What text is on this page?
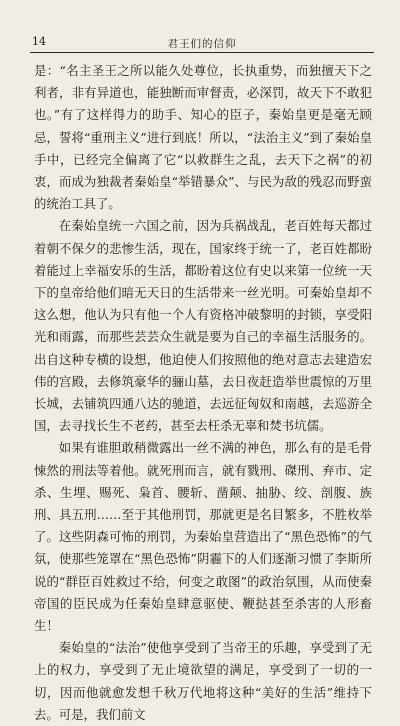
14	君王们的信仰

是：“名主圣王之所以能久处尊位，长执重势，而独擅天下之利者，非有异道也，能独断而审督责，必深罚，故天下不敢犯也。”有了这样得力的助手、知心的臣子，秦始皇更是毫无顾忌，誓将“重刑主义”进行到底！所以，“法治主义”到了秦始皇手中，已经完全偏离了它“以救群生之乱，去天下之祸”的初衷，而成为独裁者秦始皇“举错暴众”、与民为敌的残忍而野蛮的统治工具了。

在秦始皇统一六国之前，因为兵祸战乱，老百姓每天都过着朝不保夕的悲惨生活，现在，国家终于统一了，老百姓都盼着能过上幸福安乐的生活，都盼着这位有史以来第一位统一天下的皇帝给他们暗无天日的生活带来一丝光明。可秦始皇却不这么想，他认为只有他一个人有资格冲破黎明的封锁，享受阳光和雨露，而那些芸芸众生就是要为自己的幸福生活服务的。出自这种专横的设想，他迫使人们按照他的绝对意志去建造宏伟的宫殿，去修筑豪华的骊山墓，去日夜赶造举世震惊的万里长城，去铺筑四通八达的驰道，去远征匈奴和南越，去巡游全国，去寻找长生不老药，甚至去枉杀无辜和焚书坑儒。

如果有谁胆敢稍微露出一丝不满的神色，那么有的是毛骨悚然的刑法等着他。就死刑而言，就有戮刑、磔刑、弃市、定杀、生埋、赐死、枭首、腰斩、凿颠、抽胁、绞、剖腹、族刑、具五刑……至于其他刑罚，那就更是名目繁多，不胜枚举了。这些阴森可怖的刑罚，为秦始皇营造出了“黑色恐怖”的气氛，使那些笼罩在“黑色恐怖”阴霾下的人们逐渐习惯了李斯所说的“群臣百姓救过不给，何变之敢图”的政治氛围，从而使秦帝国的臣民成为任秦始皇肆意驱使、鞭挞甚至杀害的人形畜生！

秦始皇的“法治”使他享受到了当帝王的乐趣，享受到了无上的权力，享受到了无止境欲望的满足，享受到了一切的一切，因而他就愈发想千秋万代地将这种“美好的生活”维持下去。可是，我们前文
